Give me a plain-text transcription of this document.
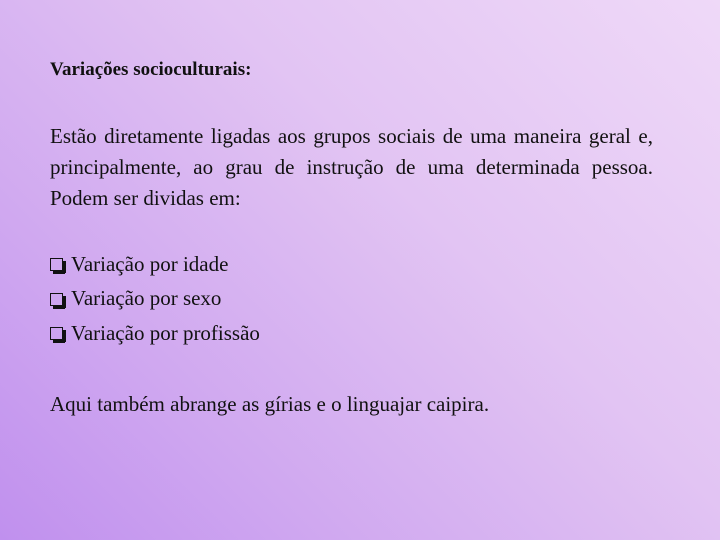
Variações socioculturais:

Estão diretamente ligadas aos grupos sociais de uma maneira geral e, principalmente, ao grau de instrução de uma determinada pessoa. Podem ser dividas em:

Variação por idade
Variação por sexo
Variação por profissão
Aqui também abrange as gírias e o linguajar caipira.
